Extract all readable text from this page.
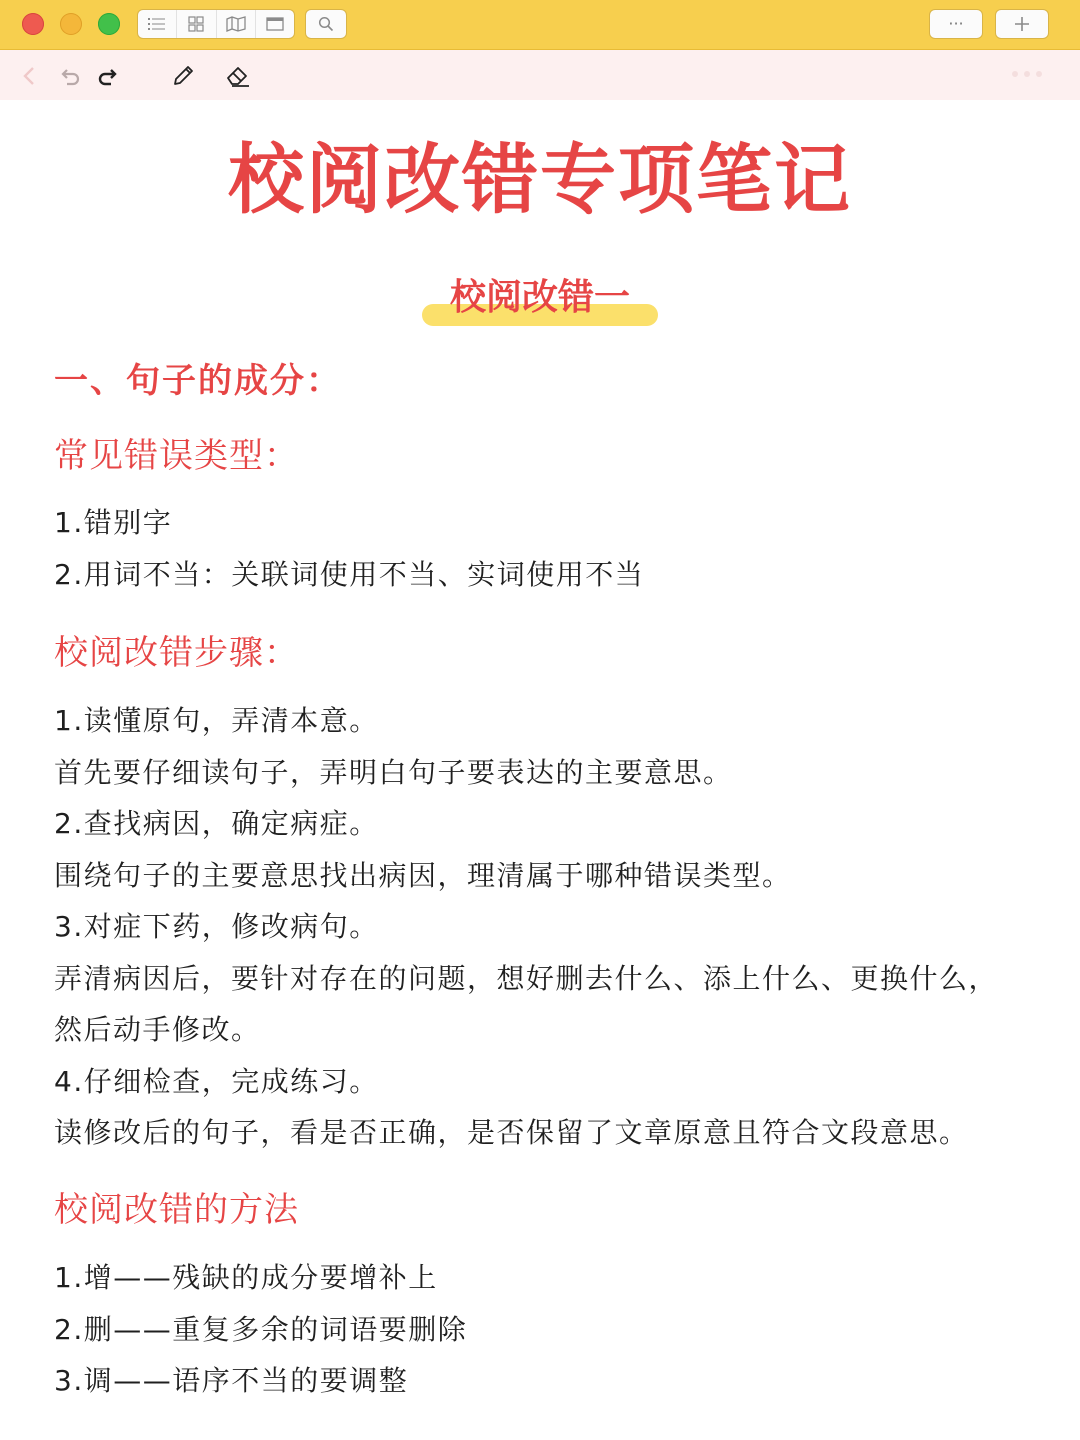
···
校阅改错专项笔记
校阅改错一
一、句子的成分：
常见错误类型：
1.错别字
2.用词不当：关联词使用不当、实词使用不当
校阅改错步骤：
1.读懂原句，弄清本意。
首先要仔细读句子，弄明白句子要表达的主要意思。
2.查找病因，确定病症。
围绕句子的主要意思找出病因，理清属于哪种错误类型。
3.对症下药，修改病句。
弄清病因后，要针对存在的问题，想好删去什么、添上什么、更换什么，
然后动手修改。
4.仔细检查，完成练习。
读修改后的句子，看是否正确，是否保留了文章原意且符合文段意思。
校阅改错的方法
1.增——残缺的成分要增补上
2.删——重复多余的词语要删除
3.调——语序不当的要调整
